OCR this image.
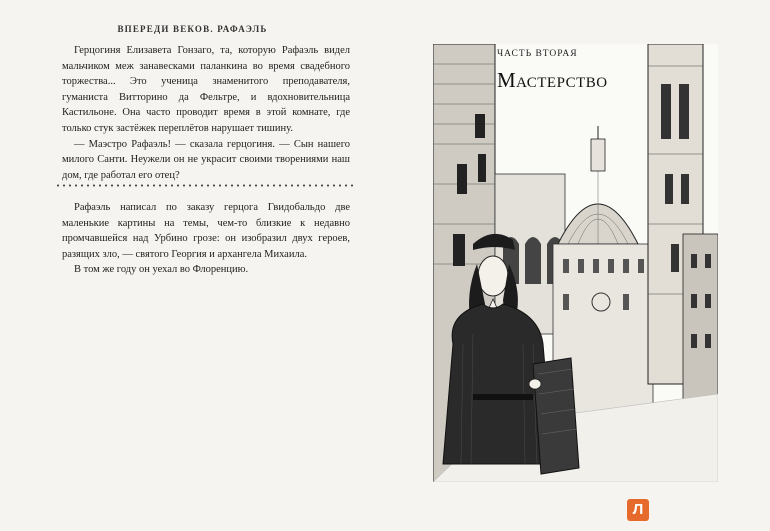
ВПЕРЕДИ ВЕКОВ. РАФАЭЛЬ

Герцогиня Елизавета Гонзаго, та, которую Рафаэль видел мальчиком меж занавесками паланкина во время свадебного торжества... Это ученица знаменитого преподавателя, гуманиста Витторино да Фельтре, и вдохновительница Кастильоне. Она часто проводит время в этой комнате, где только стук застёжек переплётов нарушает тишину.

— Маэстро Рафаэль! — сказала герцогиня. — Сын нашего милого Санти. Неужели он не украсит своими творениями наш дом, где работал его отец?

Рафаэль написал по заказу герцога Гвидобальдо две маленькие картины на темы, чем-то близкие к недавно промчавшейся над Урбино грозе: он изобразил двух героев, разящих зло, — святого Георгия и архангела Михаила.

В том же году он уехал во Флоренцию.

ЧАСТЬ ВТОРАЯ
Мастерство
Л
